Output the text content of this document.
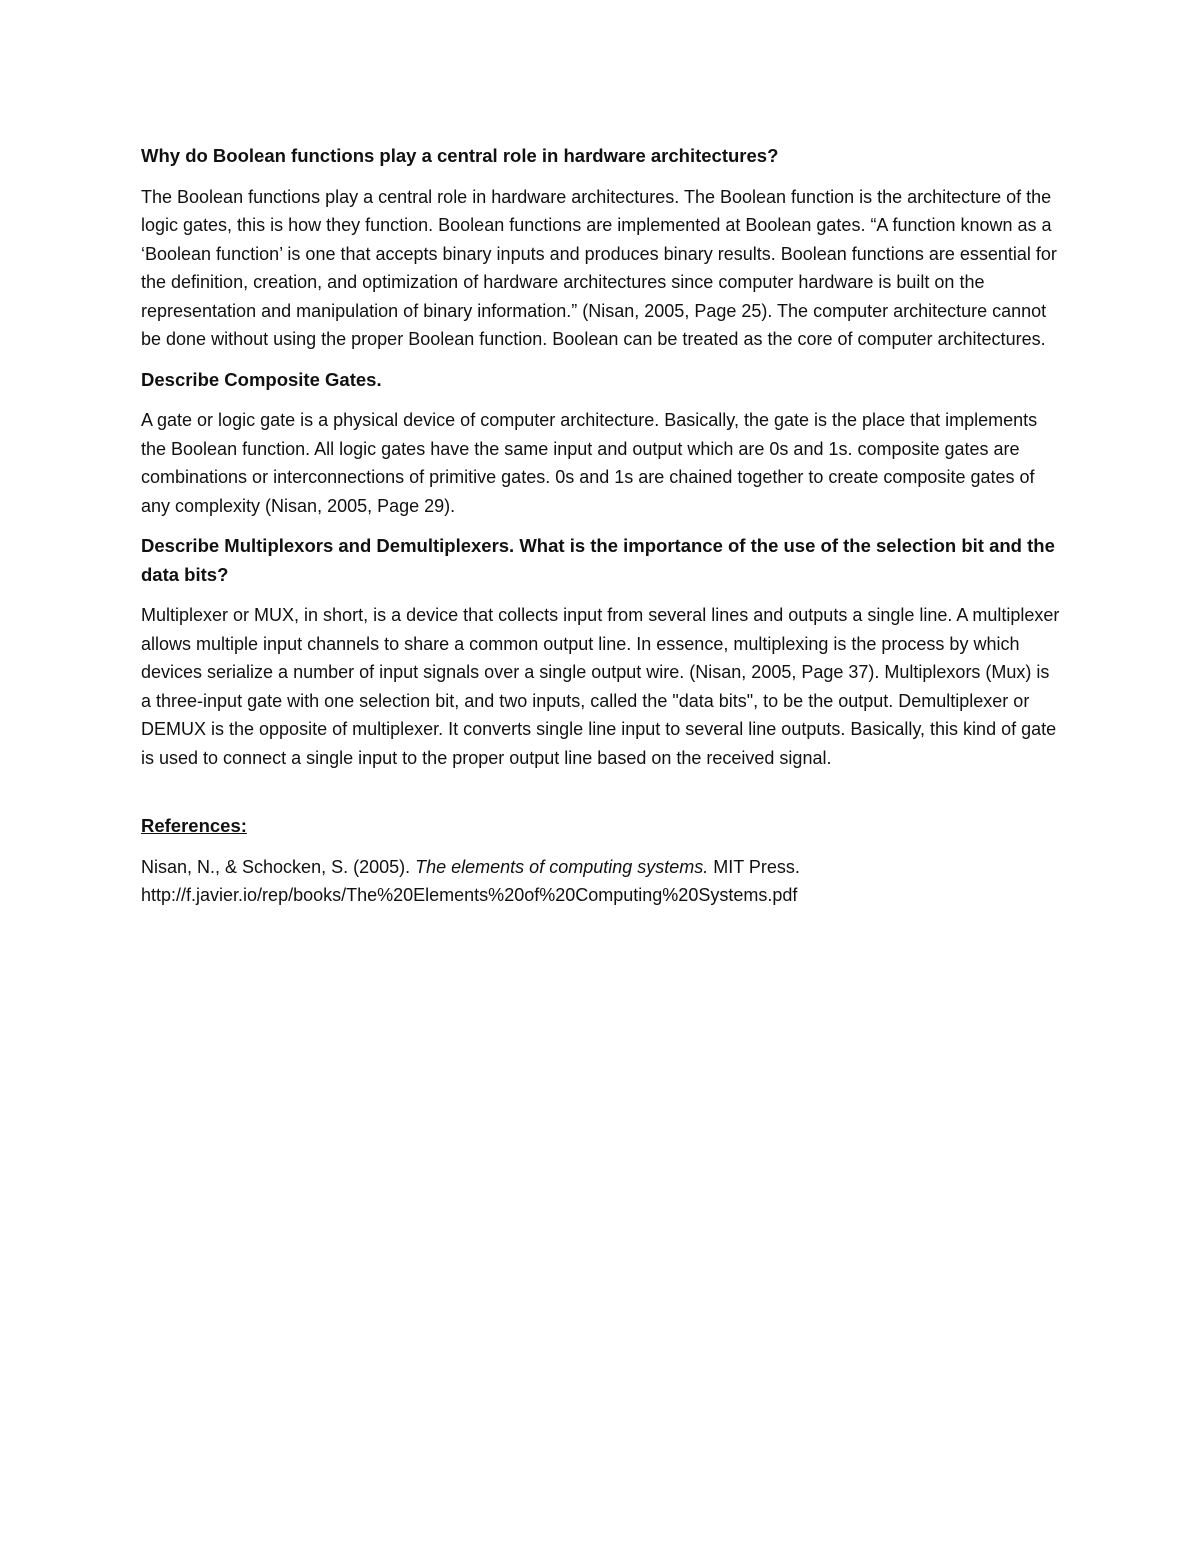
Why do Boolean functions play a central role in hardware architectures?
The Boolean functions play a central role in hardware architectures. The Boolean function is the architecture of the logic gates, this is how they function. Boolean functions are implemented at Boolean gates. “A function known as a ‘Boolean function’ is one that accepts binary inputs and produces binary results. Boolean functions are essential for the definition, creation, and optimization of hardware architectures since computer hardware is built on the representation and manipulation of binary information.” (Nisan, 2005, Page 25). The computer architecture cannot be done without using the proper Boolean function. Boolean can be treated as the core of computer architectures.
Describe Composite Gates.
A gate or logic gate is a physical device of computer architecture. Basically, the gate is the place that implements the Boolean function. All logic gates have the same input and output which are 0s and 1s. composite gates are combinations or interconnections of primitive gates. 0s and 1s are chained together to create composite gates of any complexity (Nisan, 2005, Page 29).
Describe Multiplexors and Demultiplexers. What is the importance of the use of the selection bit and the data bits?
Multiplexer or MUX, in short, is a device that collects input from several lines and outputs a single line. A multiplexer allows multiple input channels to share a common output line. In essence, multiplexing is the process by which devices serialize a number of input signals over a single output wire. (Nisan, 2005, Page 37). Multiplexors (Mux) is a three-input gate with one selection bit, and two inputs, called the "data bits", to be the output. Demultiplexer or DEMUX is the opposite of multiplexer. It converts single line input to several line outputs. Basically, this kind of gate is used to connect a single input to the proper output line based on the received signal.
References:
Nisan, N., & Schocken, S. (2005). The elements of computing systems. MIT Press.
http://f.javier.io/rep/books/The%20Elements%20of%20Computing%20Systems.pdf
